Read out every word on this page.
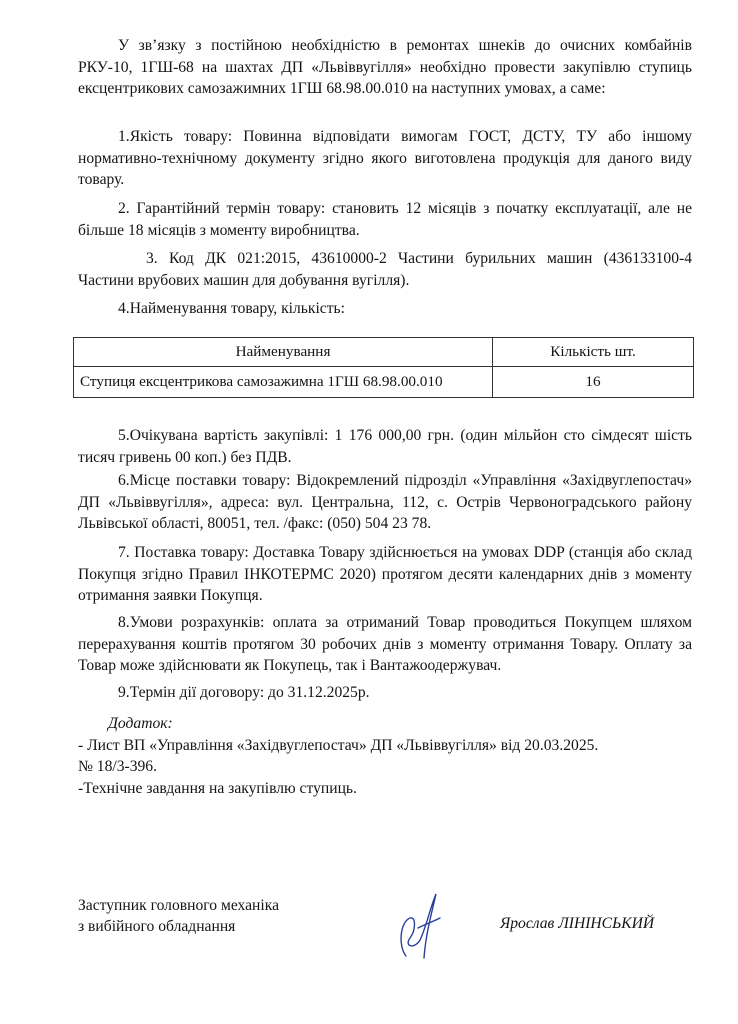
У зв’язку з постійною необхідністю в ремонтах шнеків до очисних комбайнів РКУ-10, 1ГШ-68 на шахтах ДП «Львіввугілля» необхідно провести закупівлю ступиць ексцентрикових самозажимних 1ГШ 68.98.00.010 на наступних умовах, а саме:

1.Якість товару: Повинна відповідати вимогам ГОСТ, ДСТУ, ТУ або іншому нормативно-технічному документу згідно якого виготовлена продукція для даного виду товару.

2. Гарантійний термін товару: становить 12 місяців з початку експлуатації, але не більше 18 місяців з моменту виробництва.

3. Код ДК 021:2015, 43610000-2 Частини бурильних машин (436133100-4 Частини врубових машин для добування вугілля).

4.Найменування товару, кількість:

Найменування	Кількість шт.
Ступиця ексцентрикова самозажимна 1ГШ 68.98.00.010	16

5.Очікувана вартість закупівлі: 1 176 000,00 грн. (один мільйон сто сімдесят шість тисяч гривень 00 коп.) без ПДВ.

6.Місце поставки товару: Відокремлений підрозділ «Управління «Західвуглепостач» ДП «Львіввугілля», адреса: вул. Центральна, 112, с. Острів Червоноградського району Львівської області, 80051, тел. /факс: (050) 504 23 78.

7. Поставка товару: Доставка Товару здійснюється на умовах DDP (станція або склад Покупця згідно Правил ІНКОТЕРМС 2020) протягом десяти календарних днів з моменту отримання заявки Покупця.

8.Умови розрахунків: оплата за отриманий Товар проводиться Покупцем шляхом перерахування коштів протягом 30 робочих днів з моменту отримання Товару. Оплату за Товар може здійснювати як Покупець, так і Вантажоодержувач.

9.Термін дії договору: до 31.12.2025р.

Додаток:

- Лист ВП «Управління «Західвуглепостач» ДП «Львіввугілля» від 20.03.2025.

№ 18/3-396.

-Технічне завдання на закупівлю ступиць.

Заступник головного механіка
з вибійного обладнання	Ярослав ЛІНІНСЬКИЙ
